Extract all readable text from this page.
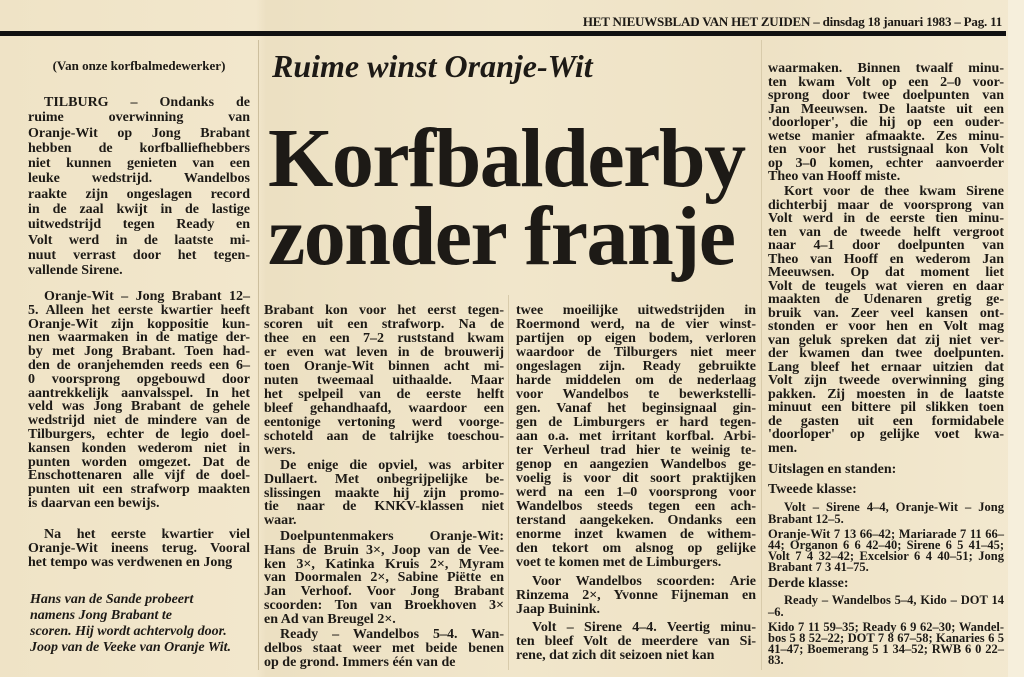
HET NIEUWSBLAD VAN HET ZUIDEN – dinsdag 18 januari 1983 – Pag. 11
Ruime winst Oranje-Wit
Korfbalderby
zonder franje
(Van onze korfbalmedewerker)
TILBURG – Ondanks de
ruime overwinning van
Oranje-Wit op Jong Brabant
hebben de korfballiefhebbers
niet kunnen genieten van een
leuke wedstrijd. Wandelbos
raakte zijn ongeslagen record
in de zaal kwijt in de lastige
uitwedstrijd tegen Ready en
Volt werd in de laatste mi-
nuut verrast door het tegen-
vallende Sirene.
Oranje-Wit – Jong Brabant 12–
5. Alleen het eerste kwartier heeft
Oranje-Wit zijn koppositie kun-
nen waarmaken in de matige der-
by met Jong Brabant. Toen had-
den de oranjehemden reeds een 6–
0 voorsprong opgebouwd door
aantrekkelijk aanvalsspel. In het
veld was Jong Brabant de gehele
wedstrijd niet de mindere van de
Tilburgers, echter de legio doel-
kansen konden wederom niet in
punten worden omgezet. Dat de
Enschottenaren alle vijf de doel-
punten uit een strafworp maakten
is daarvan een bewijs.
Na het eerste kwartier viel
Oranje-Wit ineens terug. Vooral
het tempo was verdwenen en Jong
Hans van de Sande probeert
namens Jong Brabant te
scoren. Hij wordt achtervolg door.
Joop van de Veeke van Oranje Wit.
Brabant kon voor het eerst tegen-
scoren uit een strafworp. Na de
thee en een 7–2 ruststand kwam
er even wat leven in de brouwerij
toen Oranje-Wit binnen acht mi-
nuten tweemaal uithaalde. Maar
het spelpeil van de eerste helft
bleef gehandhaafd, waardoor een
eentonige vertoning werd voorge-
schoteld aan de talrijke toeschou-
wers.
De enige die opviel, was arbiter
Dullaert. Met onbegrijpelijke be-
slissingen maakte hij zijn promo-
tie naar de KNKV-klassen niet
waar.
Doelpuntenmakers Oranje-Wit:
Hans de Bruin 3×, Joop van de Vee-
ken 3×, Katinka Kruis 2×, Myram
van Doormalen 2×, Sabine Piëtte en
Jan Verhoof. Voor Jong Brabant
scoorden: Ton van Broekhoven 3×
en Ad van Breugel 2×.
Ready – Wandelbos 5–4. Wan-
delbos staat weer met beide benen
op de grond. Immers één van de
twee moeilijke uitwedstrijden in
Roermond werd, na de vier winst-
partijen op eigen bodem, verloren
waardoor de Tilburgers niet meer
ongeslagen zijn. Ready gebruikte
harde middelen om de nederlaag
voor Wandelbos te bewerkstelli-
gen. Vanaf het beginsignaal gin-
gen de Limburgers er hard tegen-
aan o.a. met irritant korfbal. Arbi-
ter Verheul trad hier te weinig te-
genop en aangezien Wandelbos ge-
voelig is voor dit soort praktijken
werd na een 1–0 voorsprong voor
Wandelbos steeds tegen een ach-
terstand aangekeken. Ondanks een
enorme inzet kwamen de withem-
den tekort om alsnog op gelijke
voet te komen met de Limburgers.
Voor Wandelbos scoorden: Arie
Rinzema 2×, Yvonne Fijneman en
Jaap Buinink.
Volt – Sirene 4–4. Veertig minu-
ten bleef Volt de meerdere van Si-
rene, dat zich dit seizoen niet kan
waarmaken. Binnen twaalf minu-
ten kwam Volt op een 2–0 voor-
sprong door twee doelpunten van
Jan Meeuwsen. De laatste uit een
'doorloper', die hij op een ouder-
wetse manier afmaakte. Zes minu-
ten voor het rustsignaal kon Volt
op 3–0 komen, echter aanvoerder
Theo van Hooff miste.
Kort voor de thee kwam Sirene
dichterbij maar de voorsprong van
Volt werd in de eerste tien minu-
ten van de tweede helft vergroot
naar 4–1 door doelpunten van
Theo van Hooff en wederom Jan
Meeuwsen. Op dat moment liet
Volt de teugels wat vieren en daar
maakten de Udenaren gretig ge-
bruik van. Zeer veel kansen ont-
stonden er voor hen en Volt mag
van geluk spreken dat zij niet ver-
der kwamen dan twee doelpunten.
Lang bleef het ernaar uitzien dat
Volt zijn tweede overwinning ging
pakken. Zij moesten in de laatste
minuut een bittere pil slikken toen
de gasten uit een formidabele
'doorloper' op gelijke voet kwa-
men.
Uitslagen en standen:
Tweede klasse:
Volt – Sirene 4–4, Oranje-Wit – Jong
Brabant 12–5.
Oranje-Wit 7 13 66–42; Mariarade 7 11 66–
44; Organon 6 6 42–40; Sirene 6 5 41–45;
Volt 7 4 32–42; Excelsior 6 4 40–51; Jong
Brabant 7 3 41–75.
Derde klasse:
Ready – Wandelbos 5–4, Kido – DOT 14
–6.
Kido 7 11 59–35; Ready 6 9 62–30; Wandel-
bos 5 8 52–22; DOT 7 8 67–58; Kanaries 6 5
41–47; Boemerang 5 1 34–52; RWB 6 0 22–
83.
